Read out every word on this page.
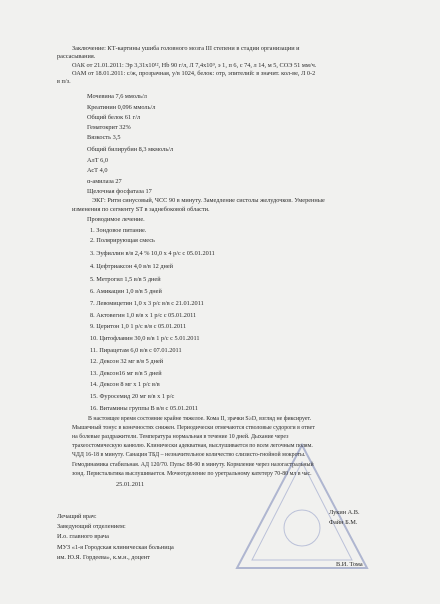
Заключение: КТ-картины ушиба головного мозга III степени в стадии организации и
рассасывания.
ОАК от 21.01.2011: Эр 3,31х10¹², Hb 90 г/л, Л 7,4х10⁹, э 1, п 6, с 74, л 14, м 5, СОЭ 51 мм/ч.
ОАМ от 18.01.2011: с/ж, прозрачная, у/в 1024, белок: отр, эпителий: в значит. кол-ве, Л 0-2
в п/з.
Мочевина 7,6 ммоль/л
Креатинин 0,096 ммоль/л
Общий белок 61 г/л
Гематокрит 32%
Вязкость 3,5
Общий билирубин 8,3 мкмоль/л
АлТ 6,0
АсТ 4,0
α-амилаза 27
Щелочная фосфатаза 17
ЭКГ: Ритм синусовый, ЧСС 90 в минуту. Замедление систолы желудочков. Умеренные
изменения по сегменту ST в заднебоковой области.
Проводимое лечение.
1. Зондовое питание.
2. Полярирующая смесь
3. Эуфиллин в/в 2,4 % 10,0 х 4 р/с с 05.01.2011
4. Цефтриаксон 4,0 в/в 12 дней
5. Метрогил 1,5 в/в 5 дней
6. Амикацин 1,0 в/в 5 дней
7. Левомицетин 1,0 х 3 р/с в/в с 21.01.2011
8. Актовегин 1,0 в/в х 1 р/с с 05.01.2011
9. Церитон 1,0 1 р/с в/в с 05.01.2011
10. Цитофлавин 30,0 в/в 1 р/с с 5.01.2011
11. Пирацетам 6,0 в/в с 07.01.2011
12. Дексон 32 мг в/в 5 дней
13. Дексон16 мг в/в 5 дней
14. Дексон 8 мг х 1 р/с в/в
15. Фуросемид 20 мг в/в х 1 р/с
16. Витамины группы В в/в с 05.01.2011
В настоящее время состояние крайне тяжелое. Кома II, зрачки S≥D, взгляд не фиксирует.
Мышечный тонус в конечностях снижен. Периодически отмечаются стволовые судороги в ответ
на болевые раздражители. Температура нормальная в течение 10 дней. Дыхание через
трахеостомическую канюлю. Клинически адекватная, выслушивается по всем легочным полям.
ЧДД 16-18 в минуту. Санация ТБД – незначительное количество слизисто-гнойной мокроты.
Гемодинамика стабильная. АД 120/70. Пульс 88-90 в минуту. Кормление через назогастральный
зонд. Перистальтика выслушивается. Мочеотделение по уретральному катетеру 70-80 мл в час.
25.01.2011
Лечащий врач:
Заведующий отделением:
И.о. главного врача
МУЗ «1-я Городская клиническая больница
им. Ю.Я. Гордеева», к.м.н., доцент
Лукин А.В.
Файн Б.М.
В.И. Тома
